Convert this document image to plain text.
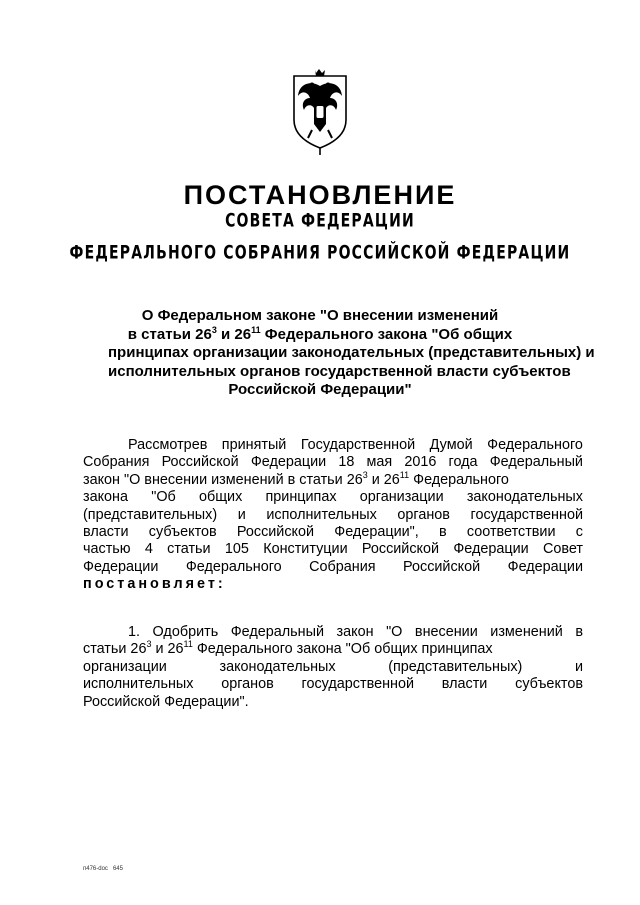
ПОСТАНОВЛЕНИЕ

СОВЕТА ФЕДЕРАЦИИ

ФЕДЕРАЛЬНОГО СОБРАНИЯ РОССИЙСКОЙ ФЕДЕРАЦИИ

О Федеральном законе "О внесении изменений
в статьи $26^3$ и $26^{11}$ Федерального закона "Об общих
принципах организации законодательных (представительных) и
исполнительных органов государственной власти субъектов
Российской Федерации"
Рассмотрев принятый Государственной Думой Федерального
Собрания Российской Федерации 18 мая 2016 года Федеральный
закон "О внесении изменений в статьи $26^3$ и $26^{11}$ Федерального
закона "Об общих принципах организации законодательных
(представительных) и исполнительных органов государственной
власти субъектов Российской Федерации", в соответствии с
частью 4 статьи 105 Конституции Российской Федерации Совет
Федерации Федерального Собрания Российской Федерации
постановляет:
1. Одобрить Федеральный закон "О внесении изменений в
статьи $26^3$ и $26^{11}$ Федерального закона "Об общих принципах
организации	законодательных	(представительных)	и
исполнительных органов государственной власти субъектов
Российской Федерации".
п476-doc 645
